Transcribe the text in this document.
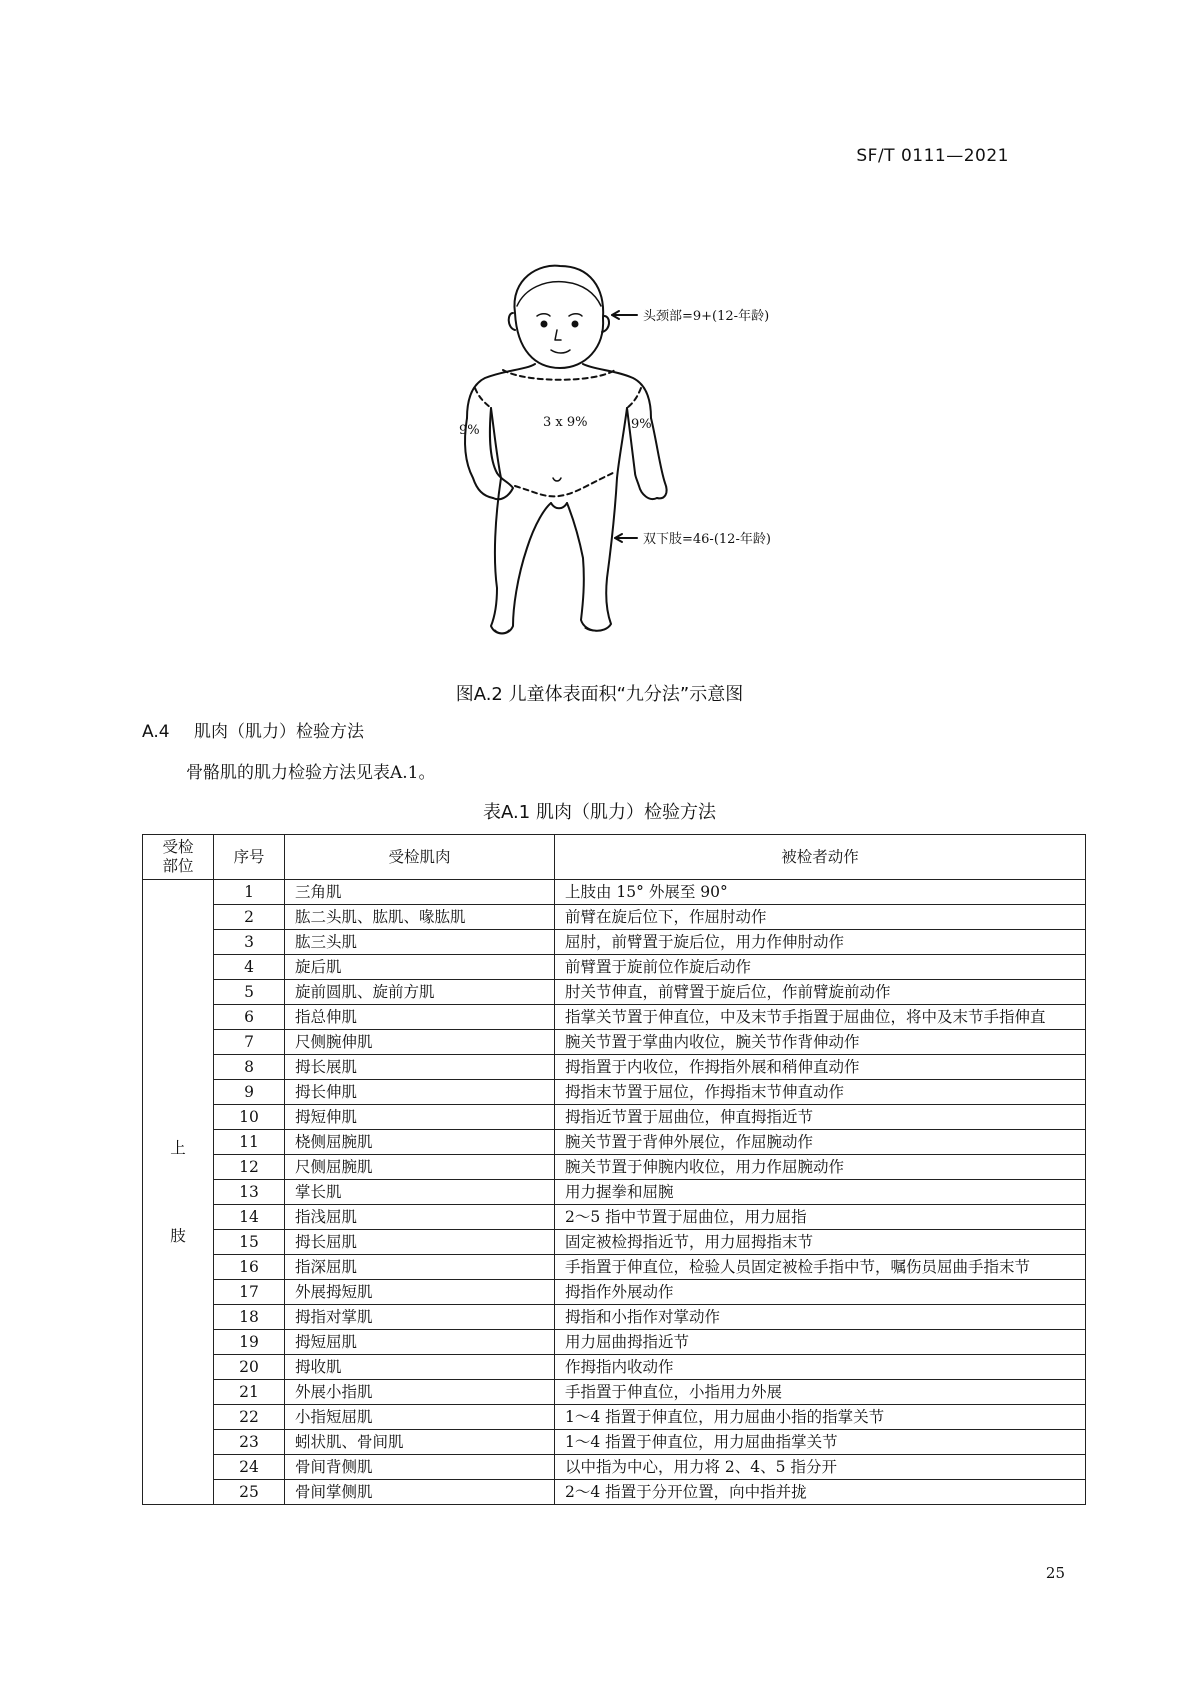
SF/T 0111—2021
头颈部=9+(12-年龄)
3 x 9%
9%	9%
双下肢=46-(12-年龄)
图A.2 儿童体表面积“九分法”示意图
A.4 肌肉（肌力）检验方法
骨骼肌的肌力检验方法见表A.1。
表A.1 肌肉（肌力）检验方法
受检
部位	序号	受检肌肉	被检者动作

上
肢	1	三角肌	上肢由 15° 外展至 90°
	2	肱二头肌、肱肌、喙肱肌	前臂在旋后位下，作屈肘动作
	3	肱三头肌	屈肘，前臂置于旋后位，用力作伸肘动作
	4	旋后肌	前臂置于旋前位作旋后动作
	5	旋前圆肌、旋前方肌	肘关节伸直，前臂置于旋后位，作前臂旋前动作
	6	指总伸肌	指掌关节置于伸直位，中及末节手指置于屈曲位，将中及末节手指伸直
	7	尺侧腕伸肌	腕关节置于掌曲内收位，腕关节作背伸动作
	8	拇长展肌	拇指置于内收位，作拇指外展和稍伸直动作
	9	拇长伸肌	拇指末节置于屈位，作拇指末节伸直动作
	10	拇短伸肌	拇指近节置于屈曲位，伸直拇指近节
	11	桡侧屈腕肌	腕关节置于背伸外展位，作屈腕动作
	12	尺侧屈腕肌	腕关节置于伸腕内收位，用力作屈腕动作
	13	掌长肌	用力握拳和屈腕
	14	指浅屈肌	2～5 指中节置于屈曲位，用力屈指
	15	拇长屈肌	固定被检拇指近节，用力屈拇指末节
	16	指深屈肌	手指置于伸直位，检验人员固定被检手指中节，嘱伤员屈曲手指末节
	17	外展拇短肌	拇指作外展动作
	18	拇指对掌肌	拇指和小指作对掌动作
	19	拇短屈肌	用力屈曲拇指近节
	20	拇收肌	作拇指内收动作
	21	外展小指肌	手指置于伸直位，小指用力外展
	22	小指短屈肌	1～4 指置于伸直位，用力屈曲小指的指掌关节
	23	蚓状肌、骨间肌	1～4 指置于伸直位，用力屈曲指掌关节
	24	骨间背侧肌	以中指为中心，用力将 2、4、5 指分开
	25	骨间掌侧肌	2～4 指置于分开位置，向中指并拢
25
